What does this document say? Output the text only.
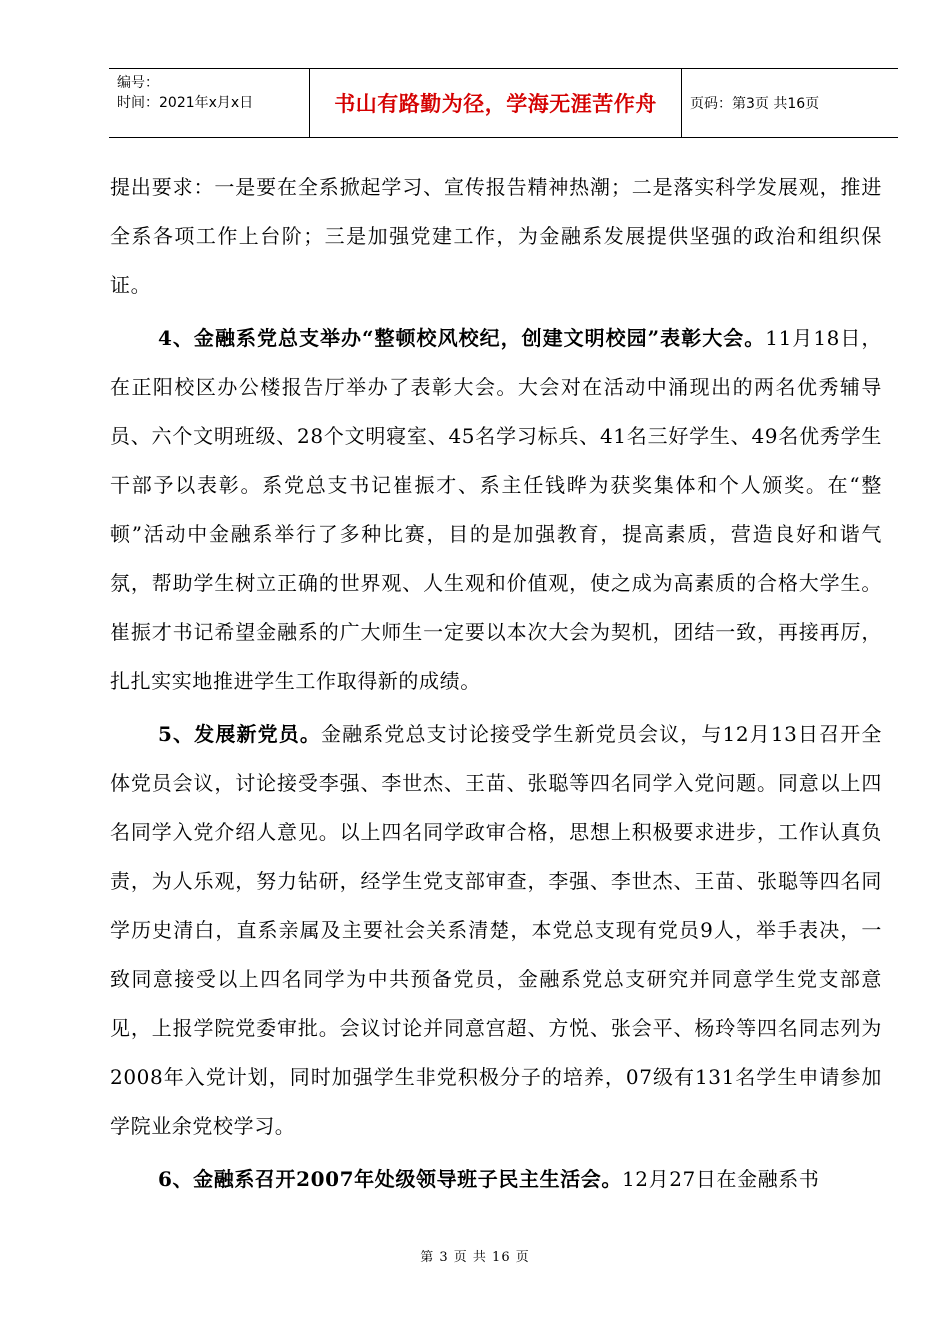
编号：
时间：2021年x月x日	书山有路勤为径，学海无涯苦作舟	页码：第3页 共16页

提出要求：一是要在全系掀起学习、宣传报告精神热潮；二是落实科学发展观，推进全系各项工作上台阶；三是加强党建工作，为金融系发展提供坚强的政治和组织保证。

4、金融系党总支举办“整顿校风校纪，创建文明校园”表彰大会。11月18日，在正阳校区办公楼报告厅举办了表彰大会。大会对在活动中涌现出的两名优秀辅导员、六个文明班级、28个文明寝室、45名学习标兵、41名三好学生、49名优秀学生干部予以表彰。系党总支书记崔振才、系主任钱晔为获奖集体和个人颁奖。在“整顿”活动中金融系举行了多种比赛，目的是加强教育，提高素质，营造良好和谐气氛，帮助学生树立正确的世界观、人生观和价值观，使之成为高素质的合格大学生。崔振才书记希望金融系的广大师生一定要以本次大会为契机，团结一致，再接再厉，扎扎实实地推进学生工作取得新的成绩。

5、发展新党员。金融系党总支讨论接受学生新党员会议，与12月13日召开全体党员会议，讨论接受李强、李世杰、王苗、张聪等四名同学入党问题。同意以上四名同学入党介绍人意见。以上四名同学政审合格，思想上积极要求进步，工作认真负责，为人乐观，努力钻研，经学生党支部审查，李强、李世杰、王苗、张聪等四名同学历史清白，直系亲属及主要社会关系清楚，本党总支现有党员9人，举手表决，一致同意接受以上四名同学为中共预备党员，金融系党总支研究并同意学生党支部意见，上报学院党委审批。会议讨论并同意宫超、方悦、张会平、杨玲等四名同志列为2008年入党计划，同时加强学生非党积极分子的培养，07级有131名学生申请参加学院业余党校学习。

6、金融系召开2007年处级领导班子民主生活会。12月27日在金融系书

第 3 页 共 16 页
